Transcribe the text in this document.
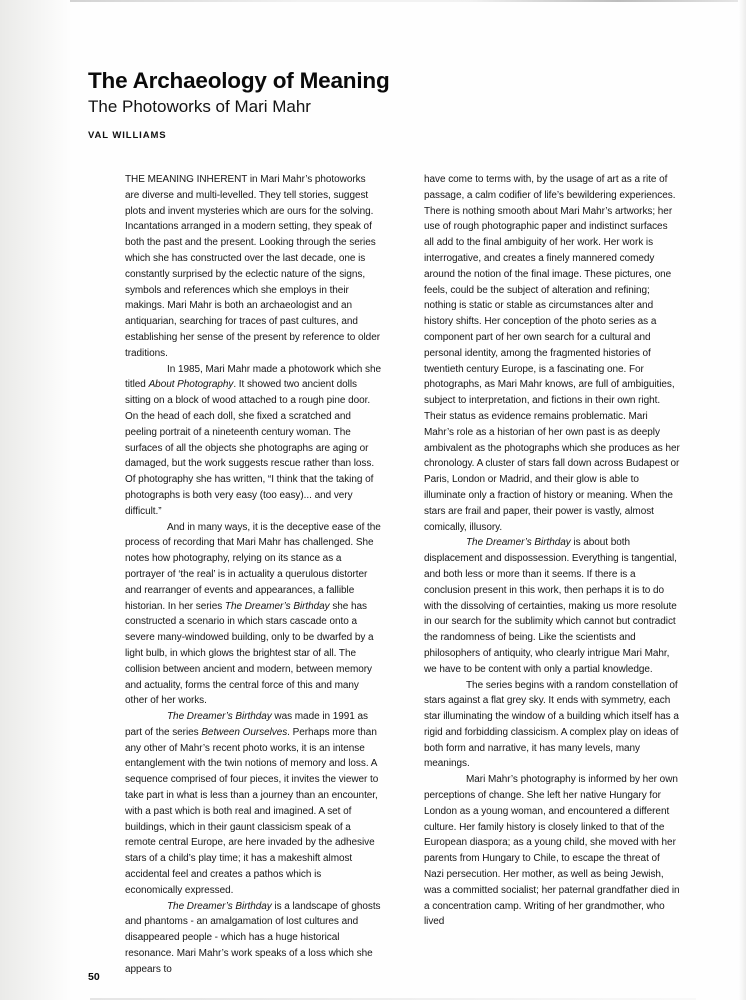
The Archaeology of Meaning
The Photoworks of Mari Mahr
VAL WILLIAMS

THE MEANING INHERENT in Mari Mahr’s photoworks are diverse and multi-levelled. They tell stories, suggest plots and invent mysteries which are ours for the solving. Incantations arranged in a modern setting, they speak of both the past and the present. Looking through the series which she has constructed over the last decade, one is constantly surprised by the eclectic nature of the signs, symbols and references which she employs in their makings. Mari Mahr is both an archaeologist and an antiquarian, searching for traces of past cultures, and establishing her sense of the present by reference to older traditions.

In 1985, Mari Mahr made a photowork which she titled About Photography. It showed two ancient dolls sitting on a block of wood attached to a rough pine door. On the head of each doll, she fixed a scratched and peeling portrait of a nineteenth century woman. The surfaces of all the objects she photographs are aging or damaged, but the work suggests rescue rather than loss. Of photography she has written, “I think that the taking of photographs is both very easy (too easy)... and very difficult.”

And in many ways, it is the deceptive ease of the process of recording that Mari Mahr has challenged. She notes how photography, relying on its stance as a portrayer of ‘the real’ is in actuality a querulous distorter and rearranger of events and appearances, a fallible historian. In her series The Dreamer’s Birthday she has constructed a scenario in which stars cascade onto a severe many-windowed building, only to be dwarfed by a light bulb, in which glows the brightest star of all. The collision between ancient and modern, between memory and actuality, forms the central force of this and many other of her works.

The Dreamer’s Birthday was made in 1991 as part of the series Between Ourselves. Perhaps more than any other of Mahr’s recent photo works, it is an intense entanglement with the twin notions of memory and loss. A sequence comprised of four pieces, it invites the viewer to take part in what is less than a journey than an encounter, with a past which is both real and imagined. A set of buildings, which in their gaunt classicism speak of a remote central Europe, are here invaded by the adhesive stars of a child’s play time; it has a makeshift almost accidental feel and creates a pathos which is economically expressed.

The Dreamer’s Birthday is a landscape of ghosts and phantoms - an amalgamation of lost cultures and disappeared people - which has a huge historical resonance. Mari Mahr’s work speaks of a loss which she appears to

have come to terms with, by the usage of art as a rite of passage, a calm codifier of life’s bewildering experiences. There is nothing smooth about Mari Mahr’s artworks; her use of rough photographic paper and indistinct surfaces all add to the final ambiguity of her work. Her work is interrogative, and creates a finely mannered comedy around the notion of the final image. These pictures, one feels, could be the subject of alteration and refining; nothing is static or stable as circumstances alter and history shifts. Her conception of the photo series as a component part of her own search for a cultural and personal identity, among the fragmented histories of twentieth century Europe, is a fascinating one. For photographs, as Mari Mahr knows, are full of ambiguities, subject to interpretation, and fictions in their own right. Their status as evidence remains problematic. Mari Mahr’s role as a historian of her own past is as deeply ambivalent as the photographs which she produces as her chronology. A cluster of stars fall down across Budapest or Paris, London or Madrid, and their glow is able to illuminate only a fraction of history or meaning. When the stars are frail and paper, their power is vastly, almost comically, illusory.

The Dreamer’s Birthday is about both displacement and dispossession. Everything is tangential, and both less or more than it seems. If there is a conclusion present in this work, then perhaps it is to do with the dissolving of certainties, making us more resolute in our search for the sublimity which cannot but contradict the randomness of being. Like the scientists and philosophers of antiquity, who clearly intrigue Mari Mahr, we have to be content with only a partial knowledge.

The series begins with a random constellation of stars against a flat grey sky. It ends with symmetry, each star illuminating the window of a building which itself has a rigid and forbidding classicism. A complex play on ideas of both form and narrative, it has many levels, many meanings.

Mari Mahr’s photography is informed by her own perceptions of change. She left her native Hungary for London as a young woman, and encountered a different culture. Her family history is closely linked to that of the European diaspora; as a young child, she moved with her parents from Hungary to Chile, to escape the threat of Nazi persecution. Her mother, as well as being Jewish, was a committed socialist; her paternal grandfather died in a concentration camp. Writing of her grandmother, who lived

50
